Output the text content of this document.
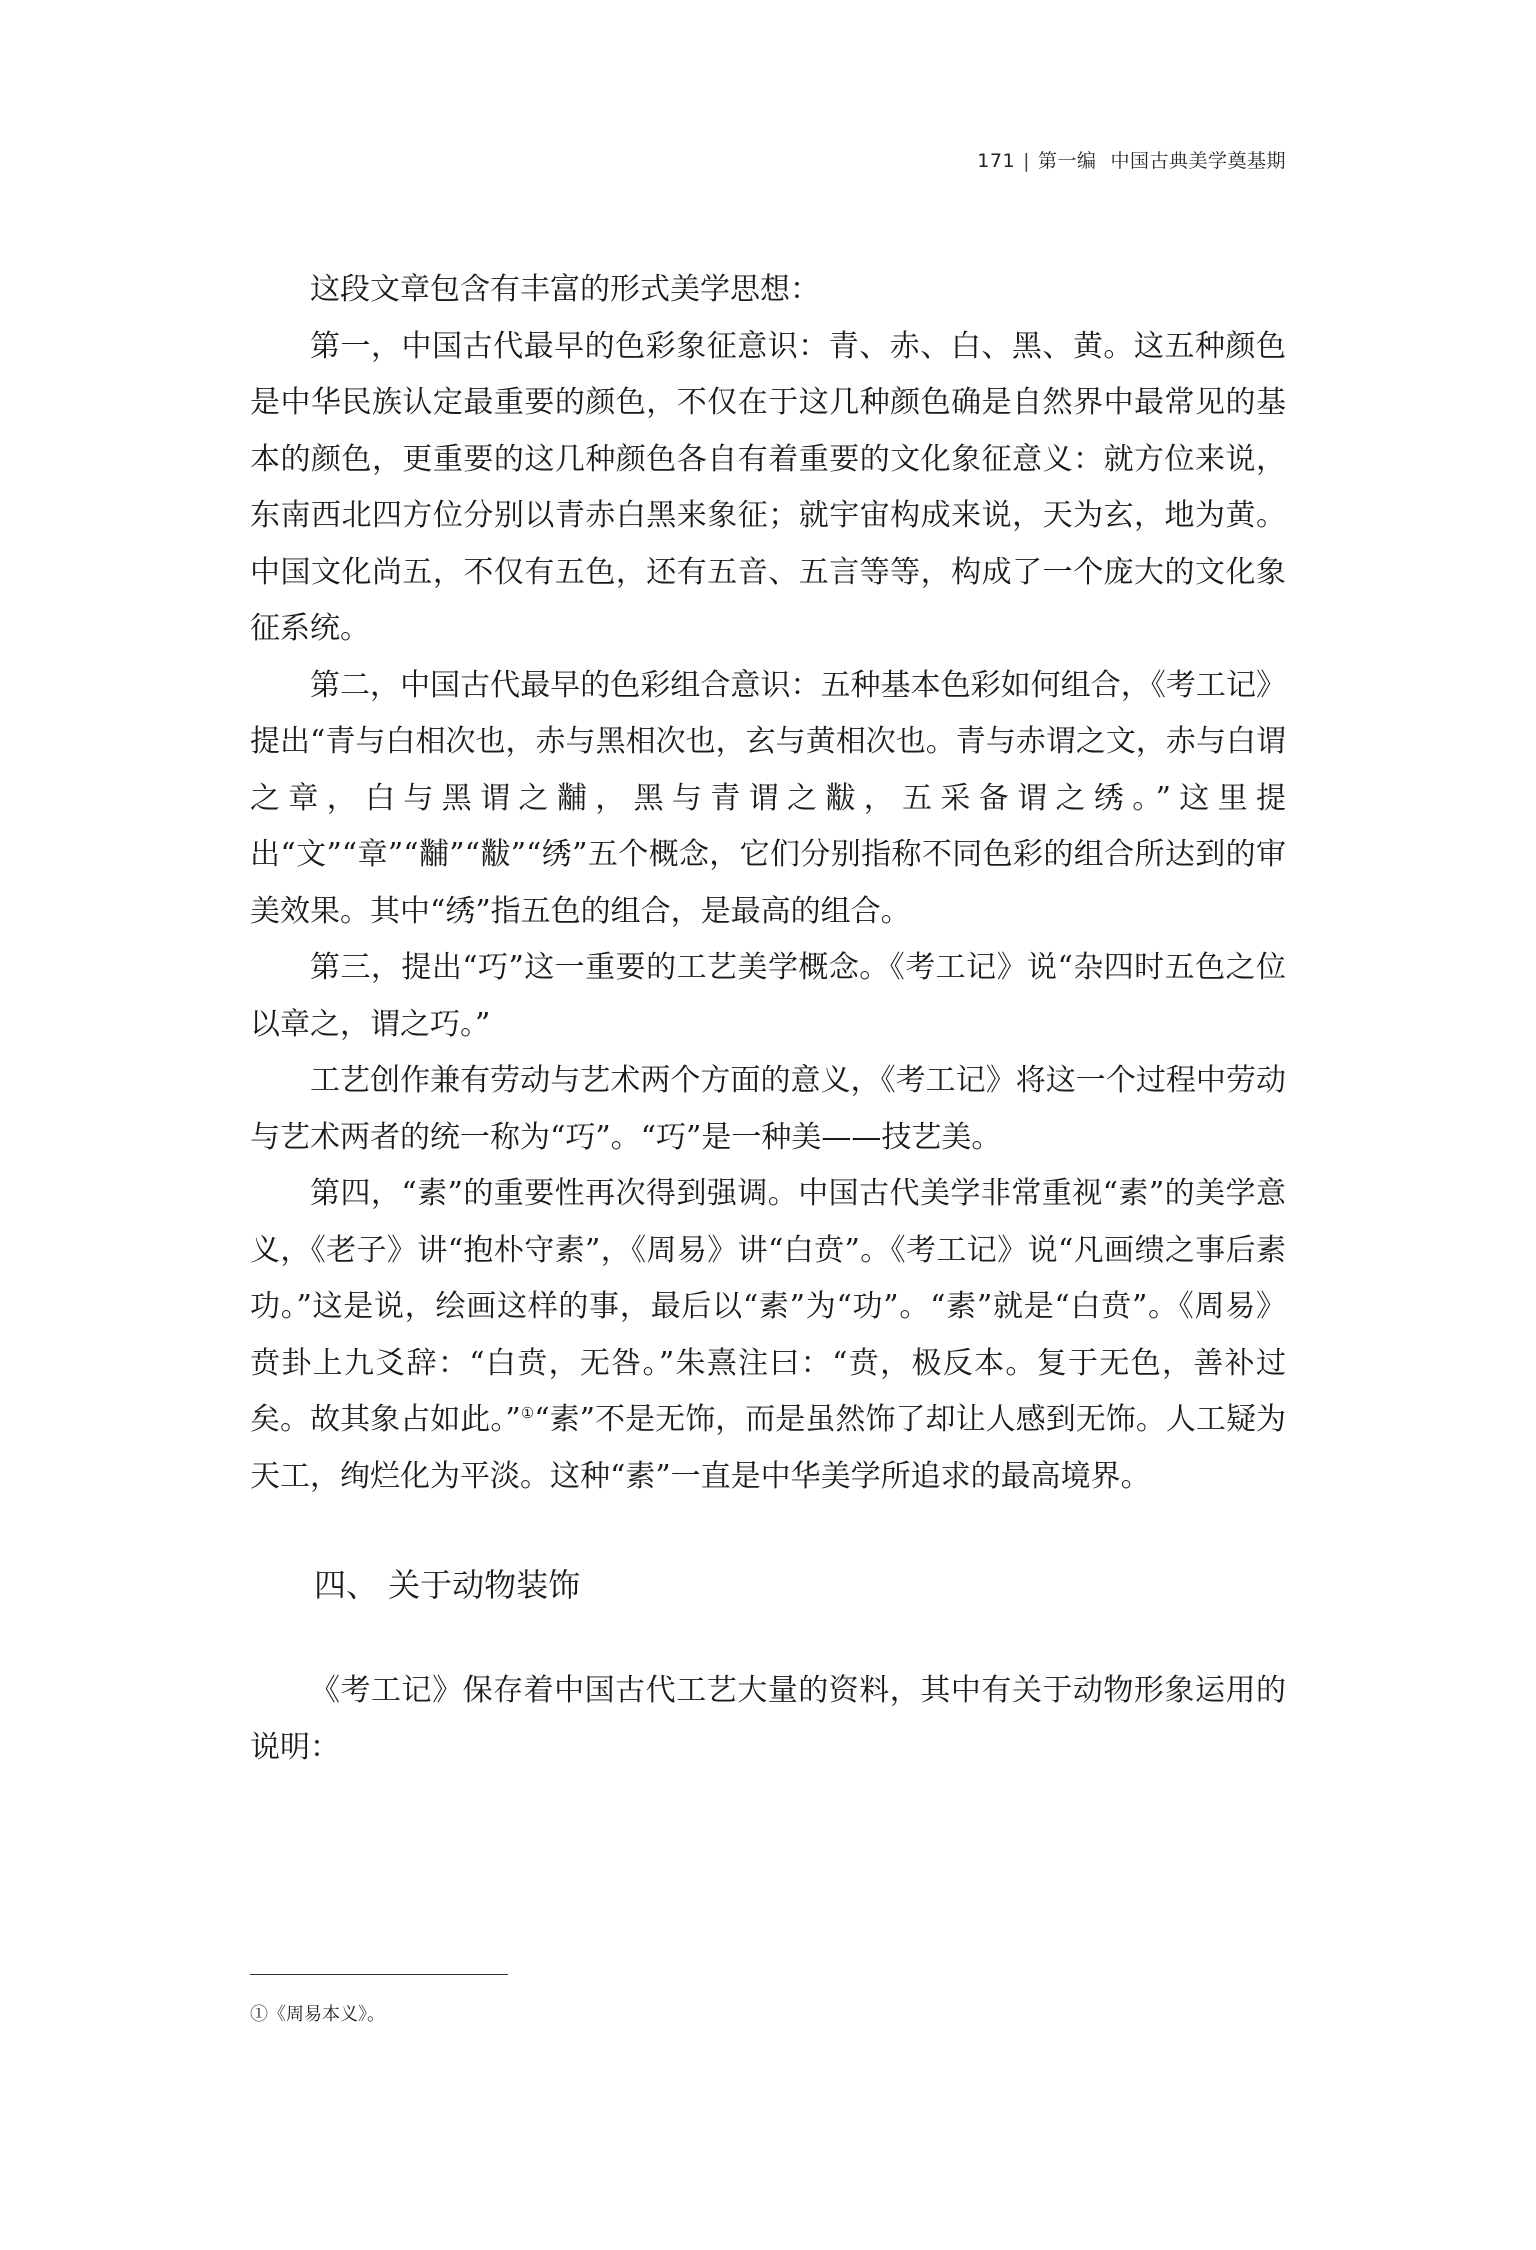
171 | 第一编 中国古典美学奠基期

这段文章包含有丰富的形式美学思想：

第一，中国古代最早的色彩象征意识：青、赤、白、黑、黄。这五种颜色是中华民族认定最重要的颜色，不仅在于这几种颜色确是自然界中最常见的基本的颜色，更重要的这几种颜色各自有着重要的文化象征意义：就方位来说，东南西北四方位分别以青赤白黑来象征；就宇宙构成来说，天为玄，地为黄。中国文化尚五，不仅有五色，还有五音、五言等等，构成了一个庞大的文化象征系统。

第二，中国古代最早的色彩组合意识：五种基本色彩如何组合，《考工记》提出“青与白相次也，赤与黑相次也，玄与黄相次也。青与赤谓之文，赤与白谓之章，白与黑谓之黼，黑与青谓之黻，五采备谓之绣。”这里提出“文”“章”“黼”“黻”“绣”五个概念，它们分别指称不同色彩的组合所达到的审美效果。其中“绣”指五色的组合，是最高的组合。

第三，提出“巧”这一重要的工艺美学概念。《考工记》说“杂四时五色之位以章之，谓之巧。”

工艺创作兼有劳动与艺术两个方面的意义，《考工记》将这一个过程中劳动与艺术两者的统一称为“巧”。“巧”是一种美——技艺美。

第四，“素”的重要性再次得到强调。中国古代美学非常重视“素”的美学意义，《老子》讲“抱朴守素”，《周易》讲“白贲”。《考工记》说“凡画缋之事后素功。”这是说，绘画这样的事，最后以“素”为“功”。“素”就是“白贲”。《周易》贲卦上九爻辞：“白贲，无咎。”朱熹注曰：“贲，极反本。复于无色，善补过矣。故其象占如此。”①“素”不是无饰，而是虽然饰了却让人感到无饰。人工疑为天工，绚烂化为平淡。这种“素”一直是中华美学所追求的最高境界。

四、 关于动物装饰

《考工记》保存着中国古代工艺大量的资料，其中有关于动物形象运用的说明：

①《周易本义》。
